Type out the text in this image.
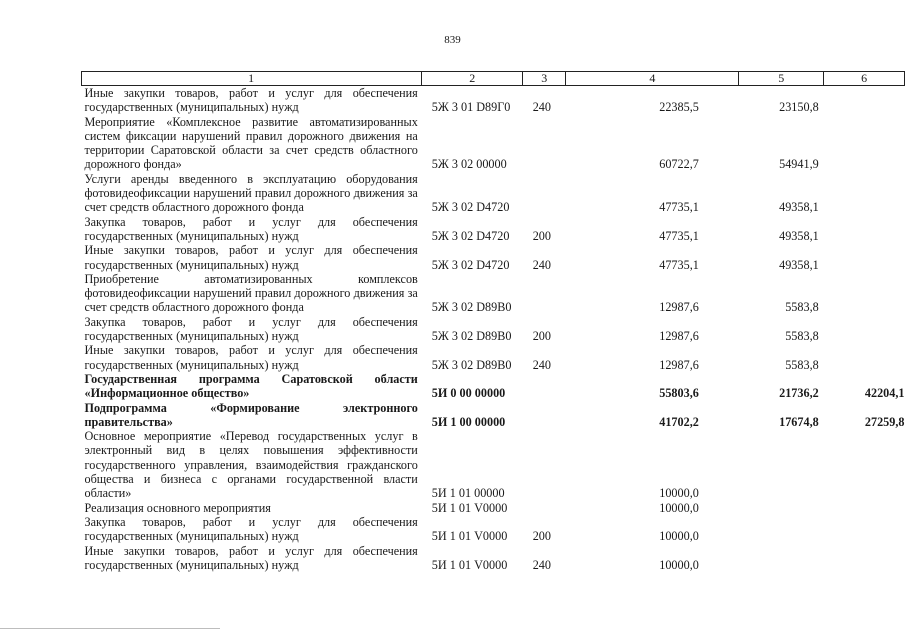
839
1	2	3	4	5	6
Иные закупки товаров, работ и услуг для обеспечения государственных (муниципальных) нужд	5Ж 3 01 D89Г0	240	22385,5	23150,8	
Мероприятие «Комплексное развитие автоматизированных систем фиксации нарушений правил дорожного движения на территории Саратовской области за счет средств областного дорожного фонда»	5Ж 3 02 00000		60722,7	54941,9	
Услуги аренды введенного в эксплуатацию оборудования фотовидеофиксации нарушений правил дорожного движения за счет средств областного дорожного фонда	5Ж 3 02 D4720		47735,1	49358,1	
Закупка товаров, работ и услуг для обеспечения государственных (муниципальных) нужд	5Ж 3 02 D4720	200	47735,1	49358,1	
Иные закупки товаров, работ и услуг для обеспечения государственных (муниципальных) нужд	5Ж 3 02 D4720	240	47735,1	49358,1	
Приобретение автоматизированных комплексов фотовидеофиксации нарушений правил дорожного движения за счет средств областного дорожного фонда	5Ж 3 02 D89B0		12987,6	5583,8	
Закупка товаров, работ и услуг для обеспечения государственных (муниципальных) нужд	5Ж 3 02 D89B0	200	12987,6	5583,8	
Иные закупки товаров, работ и услуг для обеспечения государственных (муниципальных) нужд	5Ж 3 02 D89B0	240	12987,6	5583,8	
Государственная программа Саратовской области «Информационное общество»	5И 0 00 00000		55803,6	21736,2	42204,1
Подпрограмма «Формирование электронного правительства»	5И 1 00 00000		41702,2	17674,8	27259,8
Основное мероприятие «Перевод государственных услуг в электронный вид в целях повышения эффективности государственного управления, взаимодействия гражданского общества и бизнеса с органами государственной власти области»	5И 1 01 00000		10000,0		
Реализация основного мероприятия	5И 1 01 V0000		10000,0		
Закупка товаров, работ и услуг для обеспечения государственных (муниципальных) нужд	5И 1 01 V0000	200	10000,0		
Иные закупки товаров, работ и услуг для обеспечения государственных (муниципальных) нужд	5И 1 01 V0000	240	10000,0		
